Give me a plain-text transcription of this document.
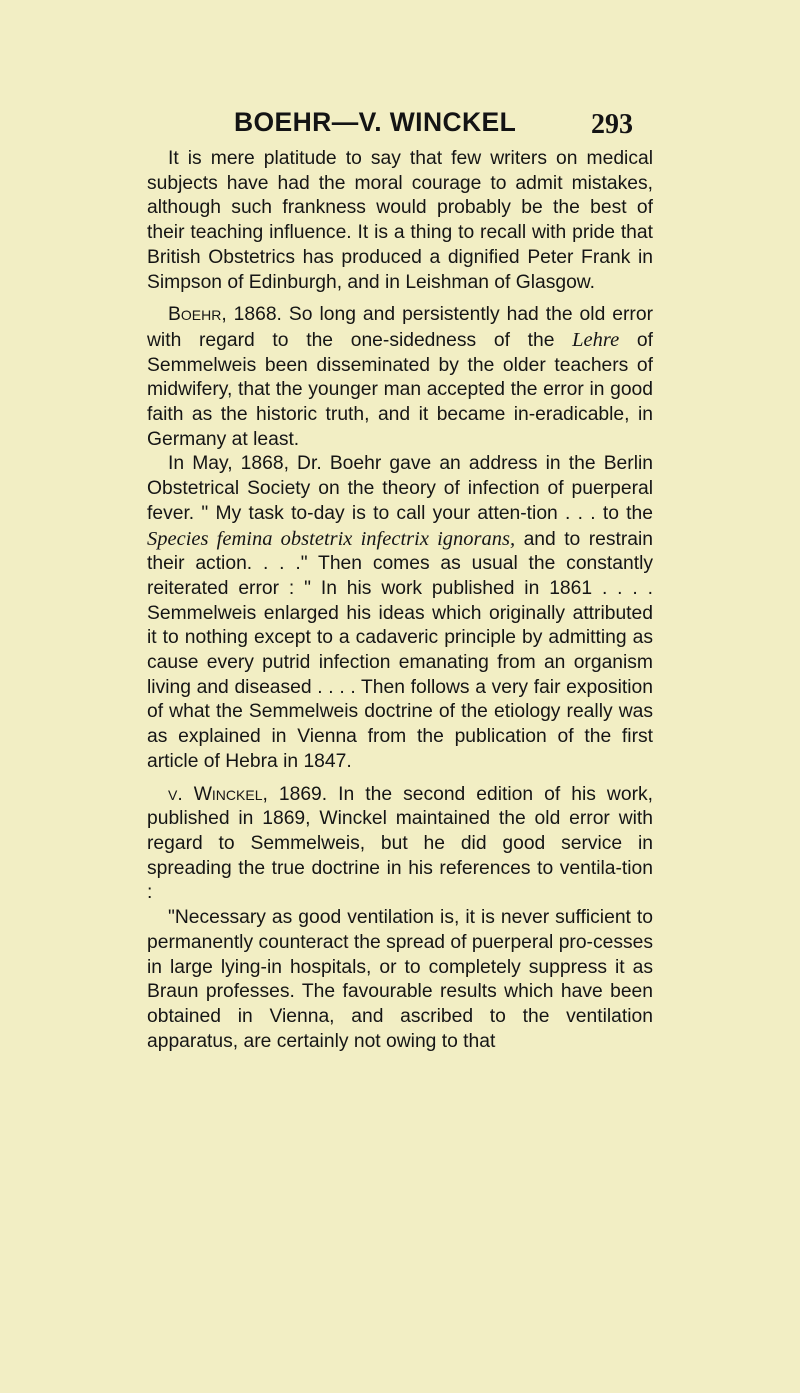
BOEHR—V. WINCKEL	293

It is mere platitude to say that few writers on medical subjects have had the moral courage to admit mistakes, although such frankness would probably be the best of their teaching influence. It is a thing to recall with pride that British Obstetrics has produced a dignified Peter Frank in Simpson of Edinburgh, and in Leishman of Glasgow.

Boehr, 1868. So long and persistently had the old error with regard to the one-sidedness of the Lehre of Semmelweis been disseminated by the older teachers of midwifery, that the younger man accepted the error in good faith as the historic truth, and it became in-eradicable, in Germany at least.

In May, 1868, Dr. Boehr gave an address in the Berlin Obstetrical Society on the theory of infection of puerperal fever. " My task to-day is to call your atten-tion . . . to the Species femina obstetrix infectrix ignorans, and to restrain their action. . . ." Then comes as usual the constantly reiterated error : " In his work published in 1861 . . . . Semmelweis enlarged his ideas which originally attributed it to nothing except to a cadaveric principle by admitting as cause every putrid infection emanating from an organism living and diseased . . . . Then follows a very fair exposition of what the Semmelweis doctrine of the etiology really was as explained in Vienna from the publication of the first article of Hebra in 1847.

v. Winckel, 1869. In the second edition of his work, published in 1869, Winckel maintained the old error with regard to Semmelweis, but he did good service in spreading the true doctrine in his references to ventila-tion :

"Necessary as good ventilation is, it is never sufficient to permanently counteract the spread of puerperal pro-cesses in large lying-in hospitals, or to completely suppress it as Braun professes. The favourable results which have been obtained in Vienna, and ascribed to the ventilation apparatus, are certainly not owing to that
